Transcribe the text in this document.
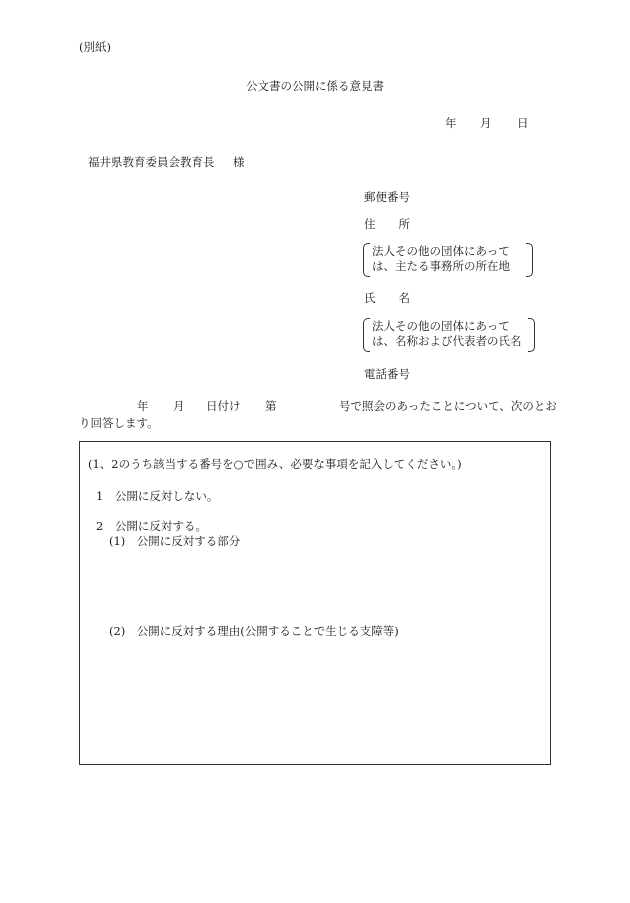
(別紙)
公文書の公開に係る意見書
年 月 日
福井県教育委員会教育長 様
郵便番号
住　　所
法人その他の団体にあって
は、主たる事務所の所在地
氏　　名
法人その他の団体にあって
は、名称および代表者の氏名
電話番号
年 月 日付け 第	号で照会のあったことについて、次のとお
り回答します。
(1、2のうち該当する番号を○で囲み、必要な事項を記入してください。)
1　公開に反対しない。
2　公開に反対する。
(1)　公開に反対する部分
(2)　公開に反対する理由(公開することで生じる支障等)
